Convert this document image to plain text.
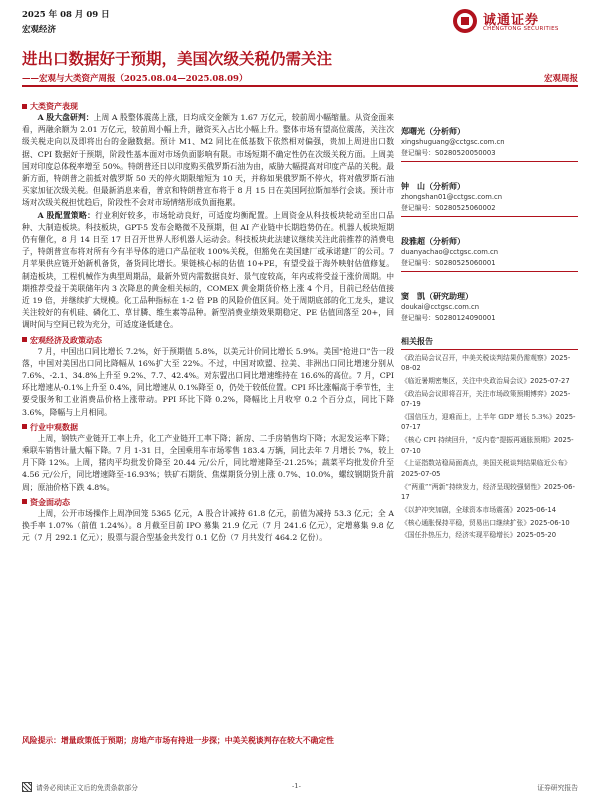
2025 年 08 月 09 日
宏观经济
诚通证券
CHENGTONG SECURITIES
进出口数据好于预期，美国次级关税仍需关注
——宏观与大类资产周报（2025.08.04—2025.08.09）	宏观周报
大类资产表现

A 股大盘研判：上周 A 股整体震荡上涨，日均成交金额为 1.67 万亿元，较前周小幅缩量。从资金面来看，两融余额为 2.01 万亿元，较前周小幅上升，融资买入占比小幅上升。整体市场有望高位震荡，关注次级关税走向以及即将出台的金融数据。预计 M1、M2 同比在低基数下依然相对偏强，贵加上周进出口数据、CPI 数据好于预期，阶段性基本面对市场负面影响有限。市场短期不确定性仍在次级关税方面。上周美国对印度总体税率增至 50%。特朗普还日以印度购买俄罗斯石油为由，威胁大幅提高对印度产品的关税。最新方面，特朗普之前抵对俄罗斯 50 天的停火期限缩短为 10 天，并称如果俄罗斯不停火，将对俄罗斯石油买家加征次级关税。但最新消息来看，普京和特朗普宣布将于 8 月 15 日在美国阿拉斯加举行会谈。预计市场对次级关税担忧趋后，阶段性不会对市场情绪形成负面拖累。

A 股配置策略：行业利好较多，市场轮动良好，可适度均衡配置。上周资金从科技板块轮动至出口品种、大制造板块。科技板块，GPT-5 发布会略微不及预期，但 AI 产业链中长期趋势仍在。机器人板块短期仍有催化，8 月 14 日至 17 日召开世界人形机器人运动会。科技板块此法建议继续关注此前推荐的消费电子，特朗普宣布将对所有今有半导体的进口产品征收 100%关税，但豁免在美国建厂或承诺建厂的公司。7 月苹果供应链开始新机备货，备货同比增长。果链核心标的估值 10+PE，有望受益于海外映射估值修复。制造板块，工程机械作为典型周期品，最新外贸内需数据良好、景气度较高，年内或将受益于涨价周期。中期推荐受益于美联储年内 3 次降息的黄金相关标的，COMEX 黄金期货价格上涨 4 个月，目前已经估值接近 19 倍，并继续扩大规模。化工品种指标在 1-2 倍 PB 的风险价值区间。处于周期底部的化工龙头，建议关注较好的有机硅、磷化工、草甘膦、维生素等品种。新型消费业绩效果期稳定、PE 估值回落至 20+，回调时间与空间已较为充分，可适度逢低建仓。

宏观经济及政策动态

7 月，中国出口同比增长 7.2%，好于预期值 5.8%，以美元计价同比增长 5.9%。美国“抢进口”告一段落，中国对美国出口同比降幅从 16%扩大至 22%。不过，中国对欧盟、拉美、非洲出口同比增速分别从 7.6%、-2.1、34.8%上升至 9.2%、7.7、42.4%。对东盟出口同比增速维持在 16.6%的高位。7 月，CPI 环比增速从-0.1%上升至 0.4%，同比增速从 0.1%降至 0，仍处于较低位置。CPI 环比涨幅高于季节性，主要受服务和工业消费品价格上涨带动。PPI 环比下降 0.2%，降幅比上月收窄 0.2 个百分点，同比下降 3.6%，降幅与上月相同。

行业中观数据

上周，钢铁产业链开工率上升，化工产业链开工率下降；新房、二手房销售均下降；水泥发运率下降；乘联车销售计量大幅下降。7 月 1-31 日，全国乘用车市场零售 183.4 万辆，同比去年 7 月增长 7%，较上月下降 12%。上周，猪肉平均批发价降至 20.44 元/公斤，同比增速降至-21.25%；蔬菜平均批发价升至 4.56 元/公斤，同比增速降至-16.93%；铁矿石期货、焦煤期货分别上涨 0.7%、10.0%，螺纹钢期货升前周；原油价格下跌 4.8%。

资金面动态

上周，公开市场操作上周净回笼 5365 亿元，A 股合计减持 61.8 亿元，前值为减持 53.3 亿元；全 A 换手率 1.07%（前值 1.24%）。8 月截至目前 IPO 募集 21.9 亿元（7 月 241.6 亿元），定增募集 9.8 亿元（7 月 292.1 亿元）；股票与混合型基金共发行 0.1 亿份（7 月共发行 464.2 亿份）。

风险提示：增量政策低于预期；房地产市场有持进一步探；中美关税谈判存在较大不确定性
郑曙光（分析师）
xingshuguang@cctgsc.com.cn
登记编号：S0280520050003
钟　山（分析师）
zhongshan01@cctgsc.com.cn
登记编号：S0280525060002
段雅超（分析师）
duanyachao@cctgsc.com.cn
登记编号：S0280525060001
窦　凯（研究助理）
doukai@cctgsc.com.cn
登记编号：S0280124090001
相关报告
《政治局会议召开，中美关税谈判结果仍需观察》2025-08-02
《临近暑期密集区，关注中央政治局会议》2025-07-27
《政治局会议即将召开，关注市场政策预期博弈》2025-07-19
《国信压力，迎难而上，上半年 GDP 增长 5.3%》2025-07-17
《核心 CPI 持续回升，“反内卷”提振再通胀预期》2025-07-10
《上证指数站稳局面高点，美国关税谈判结果临近公布》2025-07-05
《“两重”“两新”持续发力，经济呈现较强韧性》2025-06-17
《以护冲突加剧，全球资本市场震荡》2025-06-14
《核心通胀保持平稳，贸易出口继续扩张》2025-06-10
《国任扑热压力，经济实现平稳增长》2025-05-20
请务必阅读正文后的免责条款部分	-1-	证券研究报告
